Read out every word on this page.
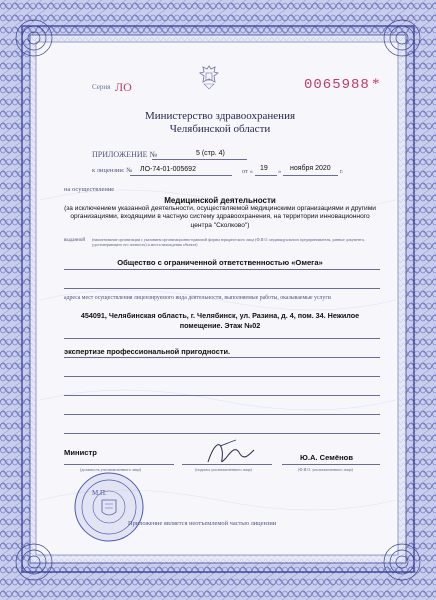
Серия ЛО	0065988 *
Министерство здравоохранения
Челябинской области
ПРИЛОЖЕНИЕ №	5 (стр. 4)
к лицензии: № ЛО-74-01-005692	от « 19 » ноября 2020 г.
на осуществление
Медицинской деятельности
(за исключением указанной деятельности, осуществляемой медицинскими организациями и другими организациями, входящими в частную систему здравоохранения, на территории инновационного центра "Сколково")
выданной (наименование организации с указанием организационно-правовой формы юридического лица (Ф.И.О. индивидуального предпринимателя, данные документа, удостоверяющего его личность) и места нахождения объекта)
Общество с ограниченной ответственностью «Омега»
адреса мест осуществления лицензируемого вида деятельности, выполняемые работы, оказываемые услуги
454091, Челябинская область, г. Челябинск, ул. Разина, д. 4, пом. 34. Нежилое помещение. Этаж №02
экспертизе профессиональной пригодности.
Министр
Ю.А. Семёнов
(должность уполномоченного лица)	(подпись уполномоченного лица)	(Ф.И.О. уполномоченного лица)
М.П.
Приложение является неотъемлемой частью лицензии
